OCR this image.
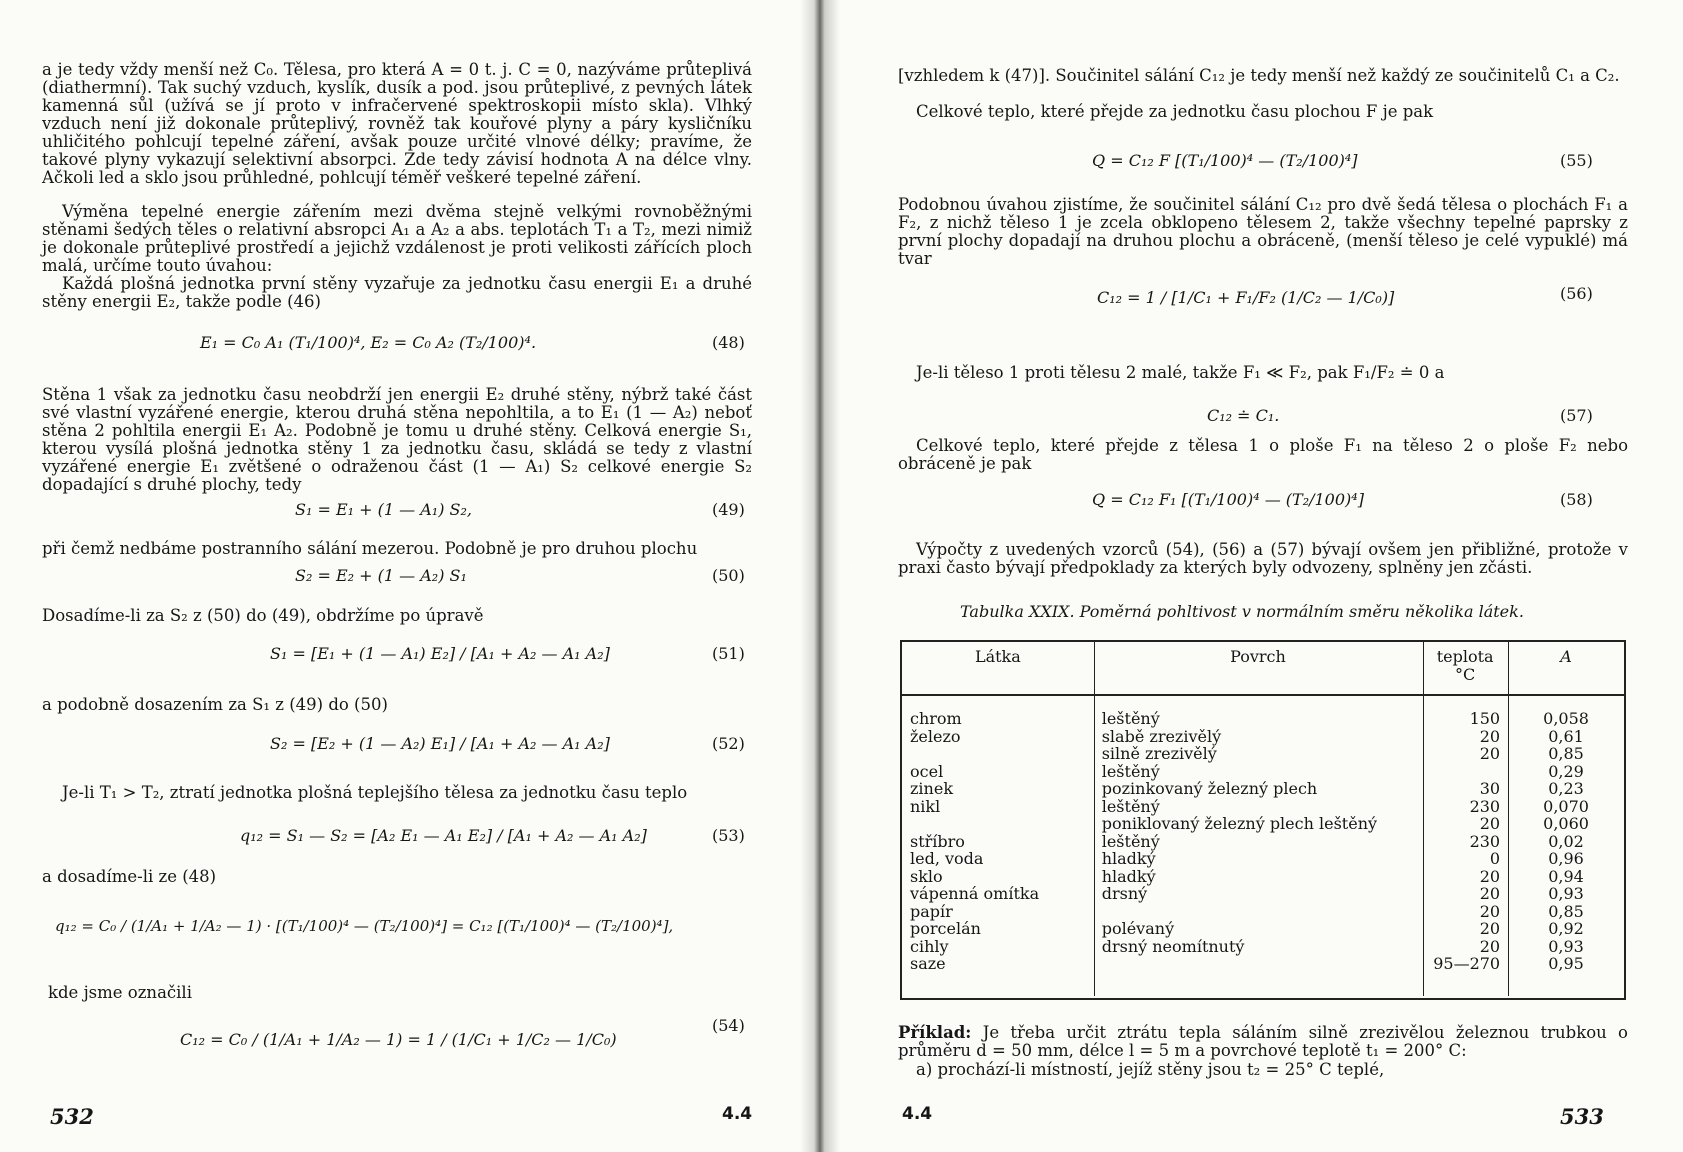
a je tedy vždy menší než C₀. Tělesa, pro která A = 0 t. j. C = 0, nazýváme průteplivá (diathermní). Tak suchý vzduch, kyslík, dusík a pod. jsou průteplivé, z pevných látek kamenná sůl (užívá se jí proto v infračervené spektroskopii místo skla). Vlhký vzduch není již dokonale průteplivý, rovněž tak kouřové plyny a páry kysličníku uhličitého pohlcují tepelné záření, avšak pouze určité vlnové délky; pravíme, že takové plyny vykazují selektivní absorpci. Zde tedy závisí hodnota A na délce vlny. Ačkoli led a sklo jsou průhledné, pohlcují téměř veškeré tepelné záření.

Výměna tepelné energie zářením mezi dvěma stejně velkými rovnoběžnými stěnami šedých těles o relativní absropci A₁ a A₂ a abs. teplotách T₁ a T₂, mezi nimiž je dokonale průteplivé prostředí a jejichž vzdálenost je proti velikosti zářících ploch malá, určíme touto úvahou:

Každá plošná jednotka první stěny vyzařuje za jednotku času energii E₁ a druhé stěny energii E₂, takže podle (46)

E₁ = C₀ A₁ (T₁/100)⁴, E₂ = C₀ A₂ (T₂/100)⁴.	(48)

Stěna 1 však za jednotku času neobdrží jen energii E₂ druhé stěny, nýbrž také část své vlastní vyzářené energie, kterou druhá stěna nepohltila, a to E₁ (1 — A₂) neboť stěna 2 pohltila energii E₁ A₂. Podobně je tomu u druhé stěny. Celková energie S₁, kterou vysílá plošná jednotka stěny 1 za jednotku času, skládá se tedy z vlastní vyzářené energie E₁ zvětšené o odraženou část (1 — A₁) S₂ celkové energie S₂ dopadající s druhé plochy, tedy

S₁ = E₁ + (1 — A₁) S₂,	(49)

při čemž nedbáme postranního sálání mezerou. Podobně je pro druhou plochu

S₂ = E₂ + (1 — A₂) S₁	(50)

Dosadíme-li za S₂ z (50) do (49), obdržíme po úpravě

S₁ = [E₁ + (1 — A₁) E₂] / [A₁ + A₂ — A₁ A₂]	(51)

a podobně dosazením za S₁ z (49) do (50)

S₂ = [E₂ + (1 — A₂) E₁] / [A₁ + A₂ — A₁ A₂]	(52)

Je-li T₁ > T₂, ztratí jednotka plošná teplejšího tělesa za jednotku času teplo

q₁₂ = S₁ — S₂ = [A₂ E₁ — A₁ E₂] / [A₁ + A₂ — A₁ A₂]	(53)

a dosadíme-li ze (48)

q₁₂ = C₀ / (1/A₁ + 1/A₂ — 1) · [(T₁/100)⁴ — (T₂/100)⁴] = C₁₂ [(T₁/100)⁴ — (T₂/100)⁴],

kde jsme označili

C₁₂ = C₀ / (1/A₁ + 1/A₂ — 1) = 1 / (1/C₁ + 1/C₂ — 1/C₀)
(54)
532	4.4

[vzhledem k (47)]. Součinitel sálání C₁₂ je tedy menší než každý ze součinitelů C₁ a C₂.

Celkové teplo, které přejde za jednotku času plochou F je pak

Q = C₁₂ F [(T₁/100)⁴ — (T₂/100)⁴]	(55)

Podobnou úvahou zjistíme, že součinitel sálání C₁₂ pro dvě šedá tělesa o plochách F₁ a F₂, z nichž těleso 1 je zcela obklopeno tělesem 2, takže všechny tepelné paprsky z první plochy dopadají na druhou plochu a obráceně, (menší těleso je celé vypuklé) má tvar

C₁₂ = 1 / [1/C₁ + F₁/F₂ (1/C₂ — 1/C₀)]	(56)

Je-li těleso 1 proti tělesu 2 malé, takže F₁ ≪ F₂, pak F₁/F₂ ≐ 0 a

C₁₂ ≐ C₁.	(57)

Celkové teplo, které přejde z tělesa 1 o ploše F₁ na těleso 2 o ploše F₂ nebo obráceně je pak

Q = C₁₂ F₁ [(T₁/100)⁴ — (T₂/100)⁴]	(58)

Výpočty z uvedených vzorců (54), (56) a (57) bývají ovšem jen přibližné, protože v praxi často bývají předpoklady za kterých byly odvozeny, splněny jen zčásti.

Tabulka XXIX. Poměrná pohltivost v normálním směru několika látek.
Látka	Povrch	teplota °C	A
chrom	leštěný	150	0,058
železo	slabě zrezivělý	20	0,61
	silně zrezivělý	20	0,85
ocel	leštěný		0,29
zinek	pozinkovaný železný plech	30	0,23
nikl	leštěný	230	0,070
	poniklovaný železný plech leštěný	20	0,060
stříbro	leštěný	230	0,02
led, voda	hladký	0	0,96
sklo	hladký	20	0,94
vápenná omítka	drsný	20	0,93
papír		20	0,85
porcelán	polévaný	20	0,92
cihly	drsný neomítnutý	20	0,93
saze		95—270	0,95

Příklad: Je třeba určit ztrátu tepla sáláním silně zrezivělou železnou trubkou o průměru d = 50 mm, délce l = 5 m a povrchové teplotě t₁ = 200° C:

a) prochází-li místností, jejíž stěny jsou t₂ = 25° C teplé,

4.4	533
